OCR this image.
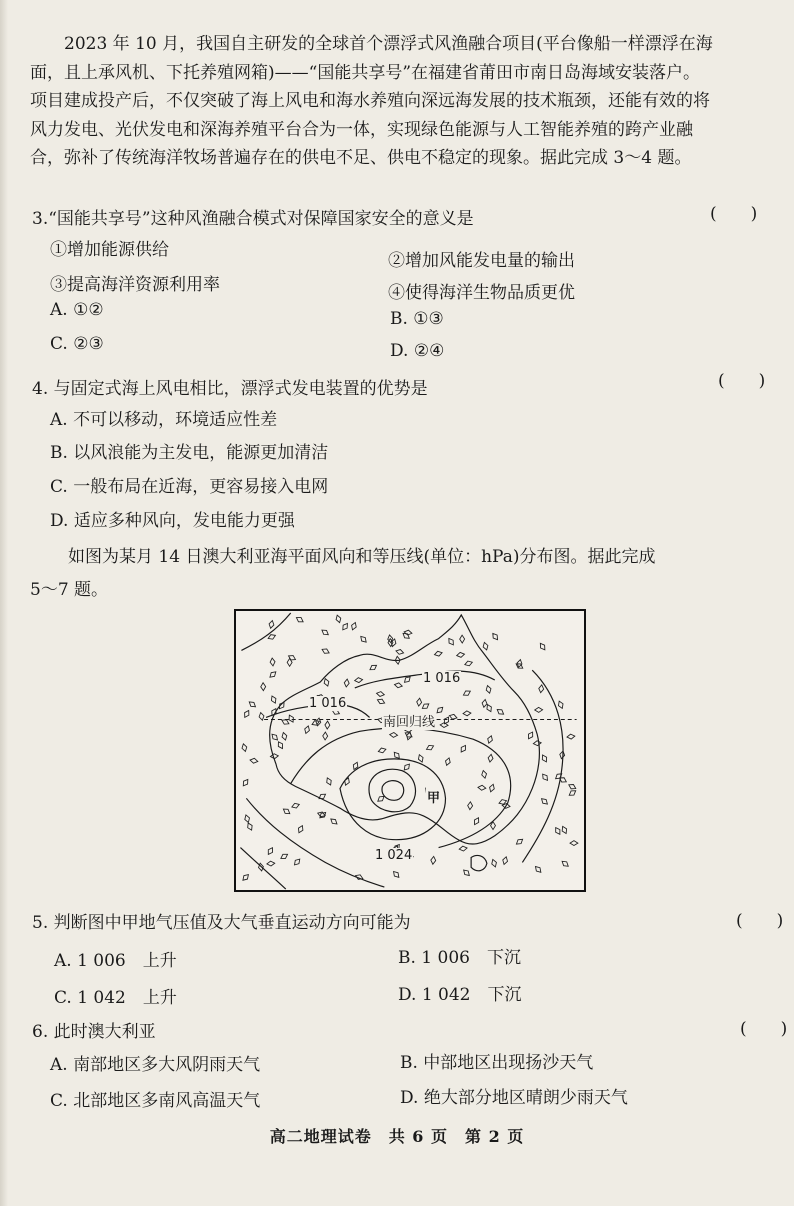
2023 年 10 月，我国自主研发的全球首个漂浮式风渔融合项目(平台像船一样漂浮在海
面，且上承风机、下托养殖网箱)——“国能共享号”在福建省莆田市南日岛海域安装落户。
项目建成投产后，不仅突破了海上风电和海水养殖向深远海发展的技术瓶颈，还能有效的将
风力发电、光伏发电和深海养殖平台合为一体，实现绿色能源与人工智能养殖的跨产业融
合，弥补了传统海洋牧场普遍存在的供电不足、供电不稳定的现象。据此完成 3～4 题。
3.“国能共享号”这种风渔融合模式对保障国家安全的意义是	(　　)
①增加能源供给
②增加风能发电量的输出
③提高海洋资源利用率	④使得海洋生物品质更优
A. ①②	B. ①③
C. ②③	D. ②④
4. 与固定式海上风电相比，漂浮式发电装置的优势是	(　　)
A. 不可以移动，环境适应性差
B. 以风浪能为主发电，能源更加清洁
C. 一般布局在近海，更容易接入电网
D. 适应多种风向，发电能力更强
如图为某月 14 日澳大利亚海平面风向和等压线(单位：hPa)分布图。据此完成
5～7 题。
1 016
1 016
南回归线
甲
1 024
5. 判断图中甲地气压值及大气垂直运动方向可能为	(　　)
A. 1 006　上升	B. 1 006　下沉
C. 1 042　上升	D. 1 042　下沉
6. 此时澳大利亚	(　　)
A. 南部地区多大风阴雨天气	B. 中部地区出现扬沙天气
C. 北部地区多南风高温天气	D. 绝大部分地区晴朗少雨天气
高二地理试卷　共 6 页　第 2 页
